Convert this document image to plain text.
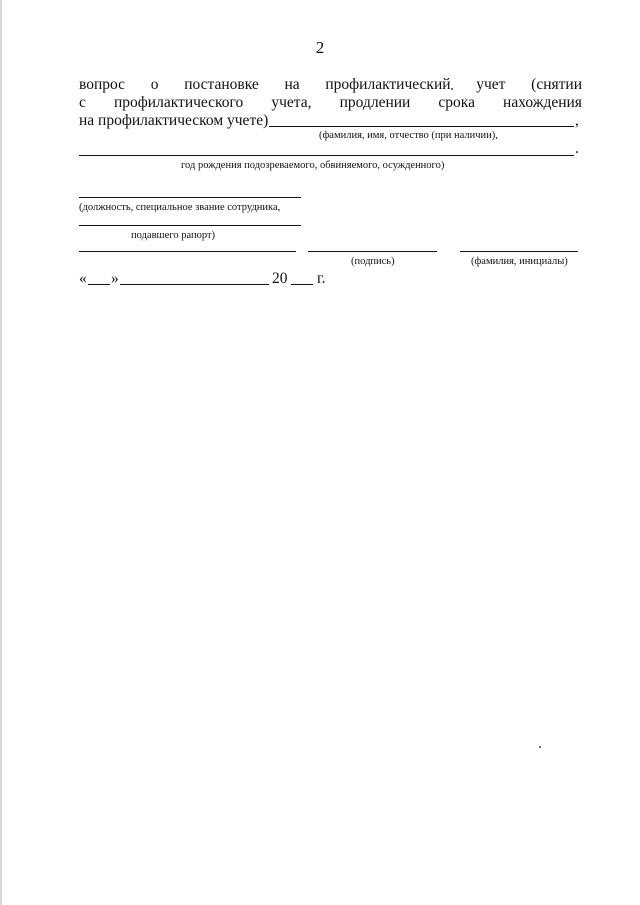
2
вопрос о постановке на профилактический учет (снятии
с профилактического учета, продлении срока нахождения
на профилактическом учете)	,
(фамилия, имя, отчество (при наличии),
.
год рождения подозреваемого, обвиняемого, осужденного)
(должность, специальное звание сотрудника,
подавшего рапорт)
(подпись)	(фамилия, инициалы)
« »	20 г.
